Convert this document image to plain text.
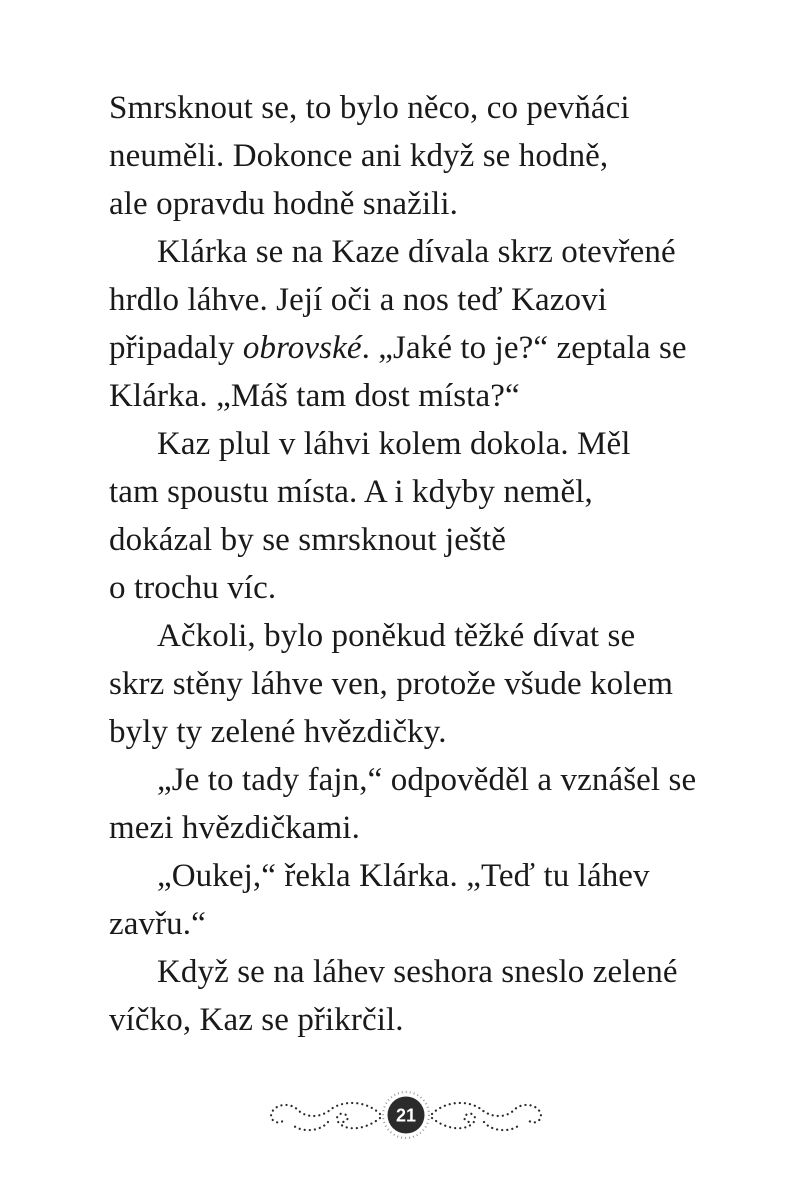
Smrsknout se, to bylo něco, co pevňáci
neuměli. Dokonce ani když se hodně,
ale opravdu hodně snažili.
Klárka se na Kaze dívala skrz otevřené
hrdlo láhve. Její oči a nos teď Kazovi
připadaly obrovské. „Jaké to je?“ zeptala se
Klárka. „Máš tam dost místa?“
Kaz plul v láhvi kolem dokola. Měl
tam spoustu místa. A i kdyby neměl,
dokázal by se smrsknout ještě
o trochu víc.
Ačkoli, bylo poněkud těžké dívat se
skrz stěny láhve ven, protože všude kolem
byly ty zelené hvězdičky.
„Je to tady fajn,“ odpověděl a vznášel se
mezi hvězdičkami.
„Oukej,“ řekla Klárka. „Teď tu láhev
zavřu.“
Když se na láhev seshora sneslo zelené
víčko, Kaz se přikrčil.
21
